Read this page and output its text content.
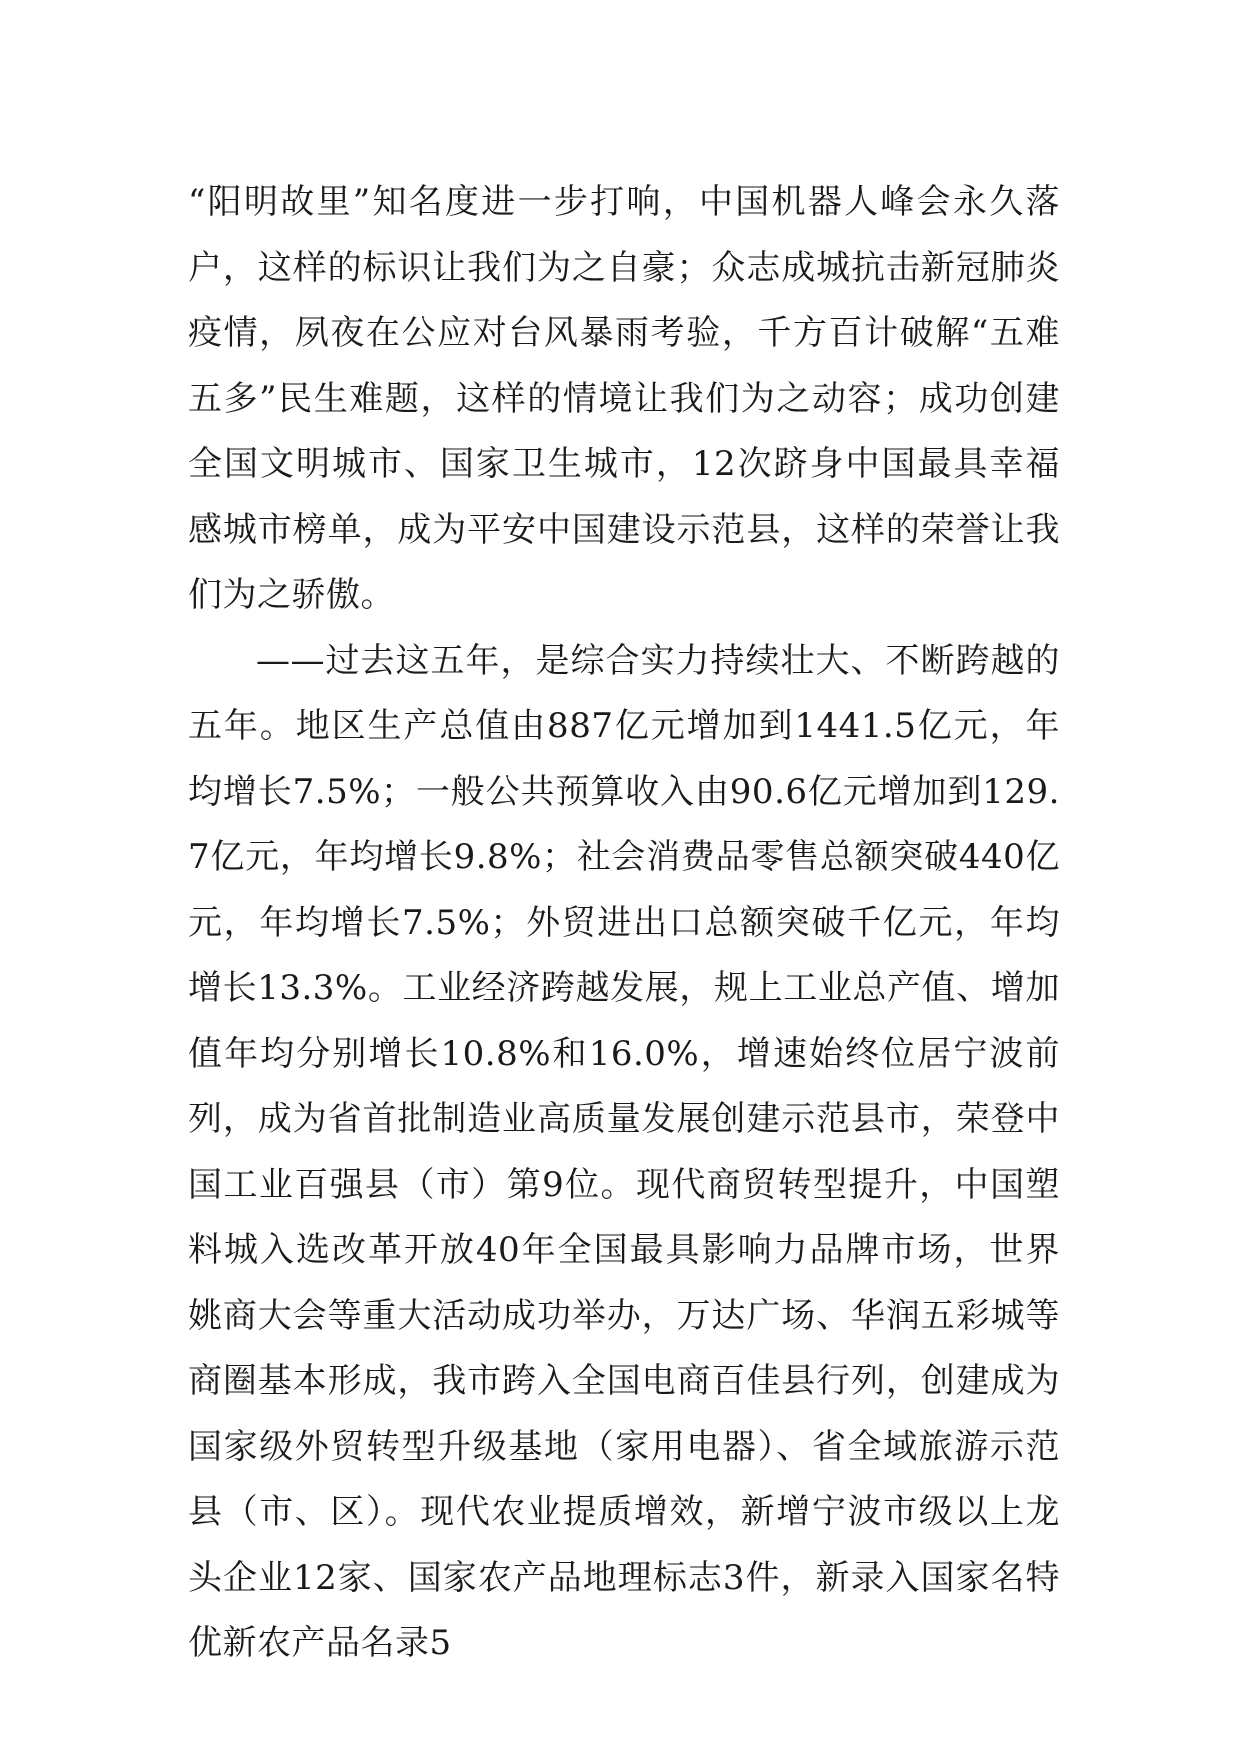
“阳明故里”知名度进一步打响，中国机器人峰会永久落户，这样的标识让我们为之自豪；众志成城抗击新冠肺炎疫情，夙夜在公应对台风暴雨考验，千方百计破解“五难五多”民生难题，这样的情境让我们为之动容；成功创建全国文明城市、国家卫生城市，12次跻身中国最具幸福感城市榜单，成为平安中国建设示范县，这样的荣誉让我们为之骄傲。

——过去这五年，是综合实力持续壮大、不断跨越的五年。地区生产总值由887亿元增加到1441.5亿元，年均增长7.5%；一般公共预算收入由90.6亿元增加到129.7亿元，年均增长9.8%；社会消费品零售总额突破440亿元，年均增长7.5%；外贸进出口总额突破千亿元，年均增长13.3%。工业经济跨越发展，规上工业总产值、增加值年均分别增长10.8%和16.0%，增速始终位居宁波前列，成为省首批制造业高质量发展创建示范县市，荣登中国工业百强县（市）第9位。现代商贸转型提升，中国塑料城入选改革开放40年全国最具影响力品牌市场，世界姚商大会等重大活动成功举办，万达广场、华润五彩城等商圈基本形成，我市跨入全国电商百佳县行列，创建成为国家级外贸转型升级基地（家用电器）、省全域旅游示范县（市、区）。现代农业提质增效，新增宁波市级以上龙头企业12家、国家农产品地理标志3件，新录入国家名特优新农产品名录5
